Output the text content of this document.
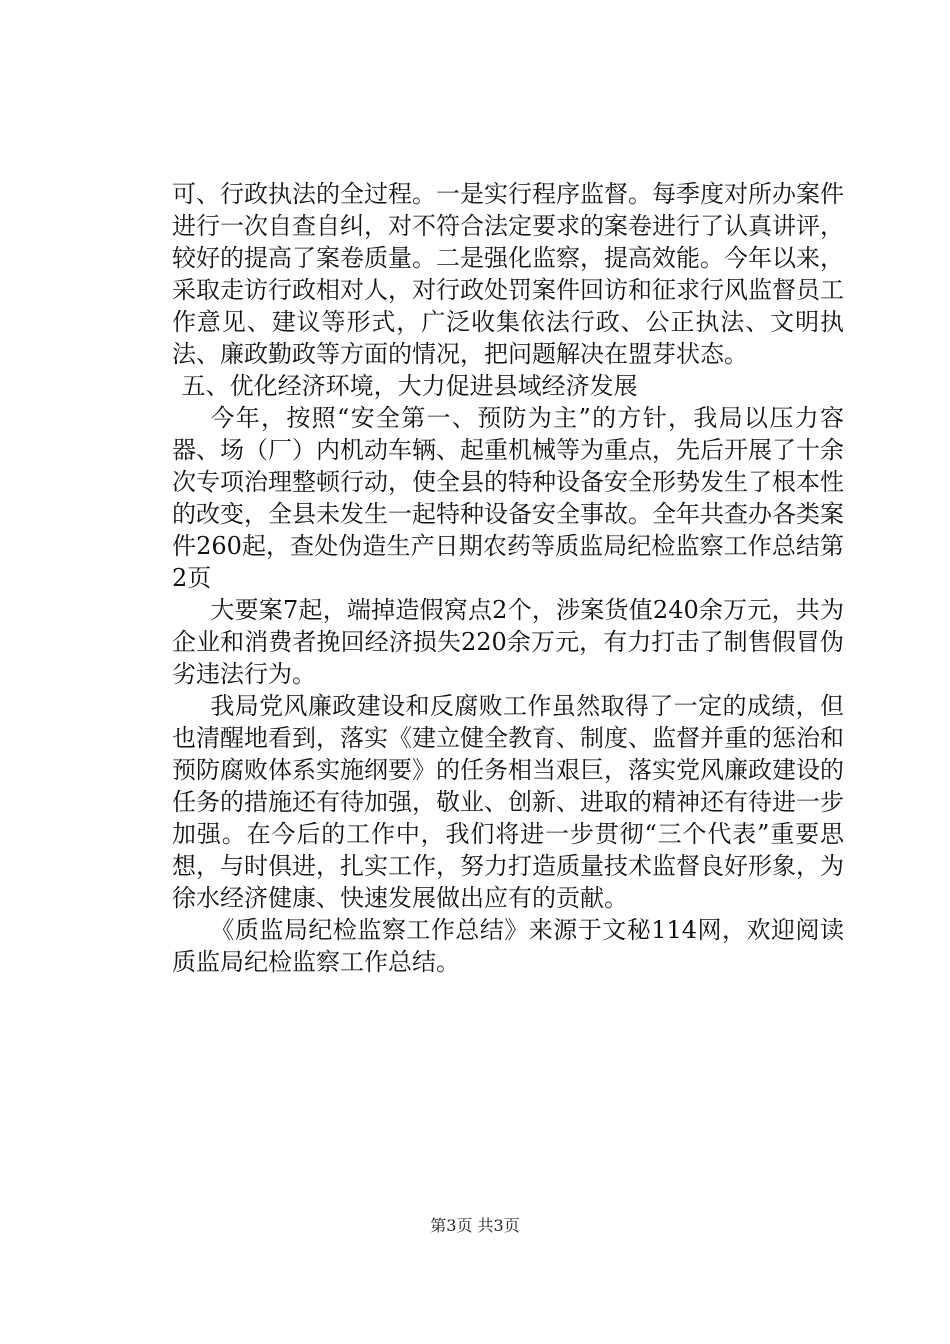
可、行政执法的全过程。一是实行程序监督。每季度对所办案件进行一次自查自纠，对不符合法定要求的案卷进行了认真讲评，较好的提高了案卷质量。二是强化监察，提高效能。今年以来，采取走访行政相对人，对行政处罚案件回访和征求行风监督员工作意见、建议等形式，广泛收集依法行政、公正执法、文明执法、廉政勤政等方面的情况，把问题解决在盟芽状态。

五、优化经济环境，大力促进县域经济发展

今年，按照“安全第一、预防为主”的方针，我局以压力容器、场（厂）内机动车辆、起重机械等为重点，先后开展了十余次专项治理整顿行动，使全县的特种设备安全形势发生了根本性的改变，全县未发生一起特种设备安全事故。全年共查办各类案件260起，查处伪造生产日期农药等质监局纪检监察工作总结第2页

大要案7起，端掉造假窝点2个，涉案货值240余万元，共为企业和消费者挽回经济损失220余万元，有力打击了制售假冒伪劣违法行为。

我局党风廉政建设和反腐败工作虽然取得了一定的成绩，但也清醒地看到，落实《建立健全教育、制度、监督并重的惩治和预防腐败体系实施纲要》的任务相当艰巨，落实党风廉政建设的任务的措施还有待加强，敬业、创新、进取的精神还有待进一步加强。在今后的工作中，我们将进一步贯彻“三个代表”重要思想，与时俱进，扎实工作，努力打造质量技术监督良好形象，为徐水经济健康、快速发展做出应有的贡献。

《质监局纪检监察工作总结》来源于文秘114网，欢迎阅读质监局纪检监察工作总结。

第3页 共3页
